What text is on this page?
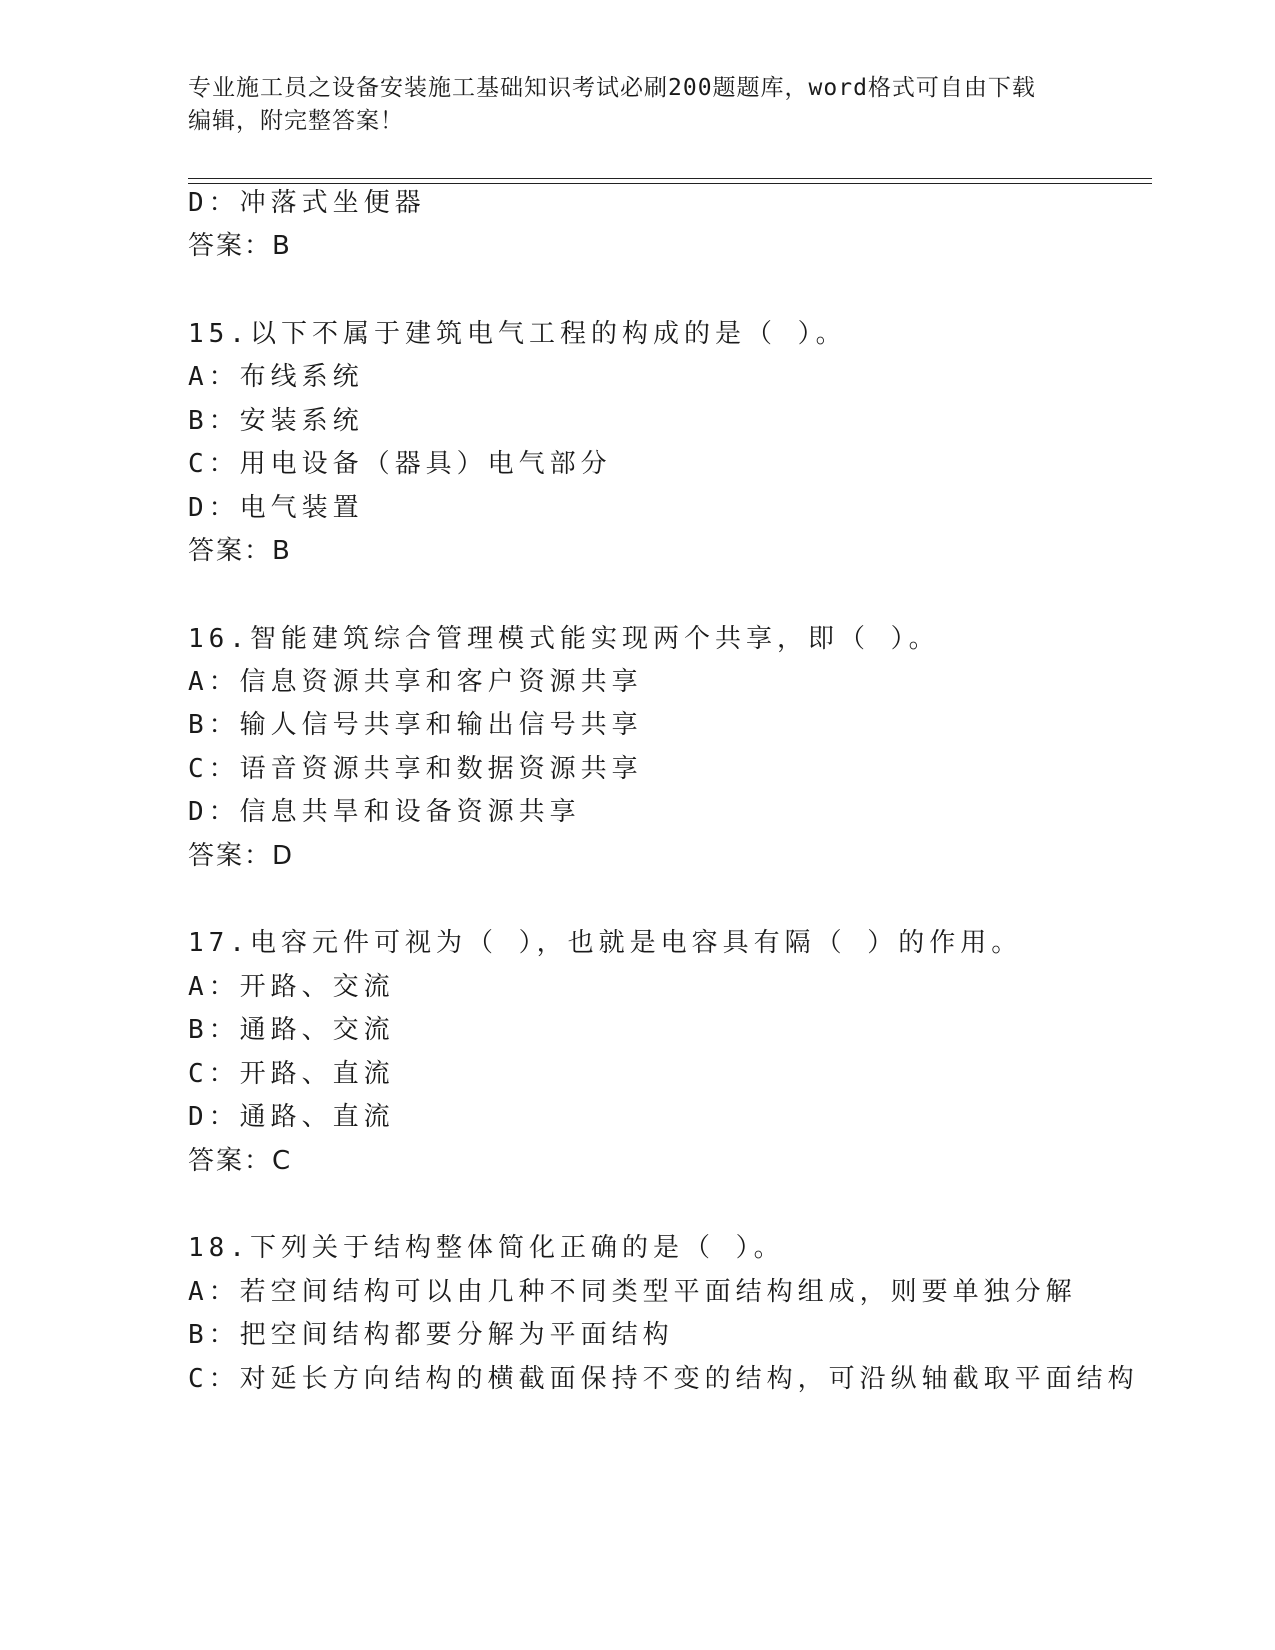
专业施工员之设备安装施工基础知识考试必刷200题题库，word格式可自由下载
编辑，附完整答案！
D：冲落式坐便器
答案：B
15.以下不属于建筑电气工程的构成的是（ ）。
A：布线系统
B：安装系统
C：用电设备（器具）电气部分
D：电气装置
答案：B
16.智能建筑综合管理模式能实现两个共享，即（ ）。
A：信息资源共享和客户资源共享
B：输人信号共享和输出信号共享
C：语音资源共享和数据资源共享
D：信息共旱和设备资源共享
答案：D
17.电容元件可视为（ ），也就是电容具有隔（ ）的作用。
A：开路、交流
B：通路、交流
C：开路、直流
D：通路、直流
答案：C
18.下列关于结构整体简化正确的是（ ）。
A：若空间结构可以由几种不同类型平面结构组成，则要单独分解
B：把空间结构都要分解为平面结构
C：对延长方向结构的横截面保持不变的结构，可沿纵轴截取平面结构
